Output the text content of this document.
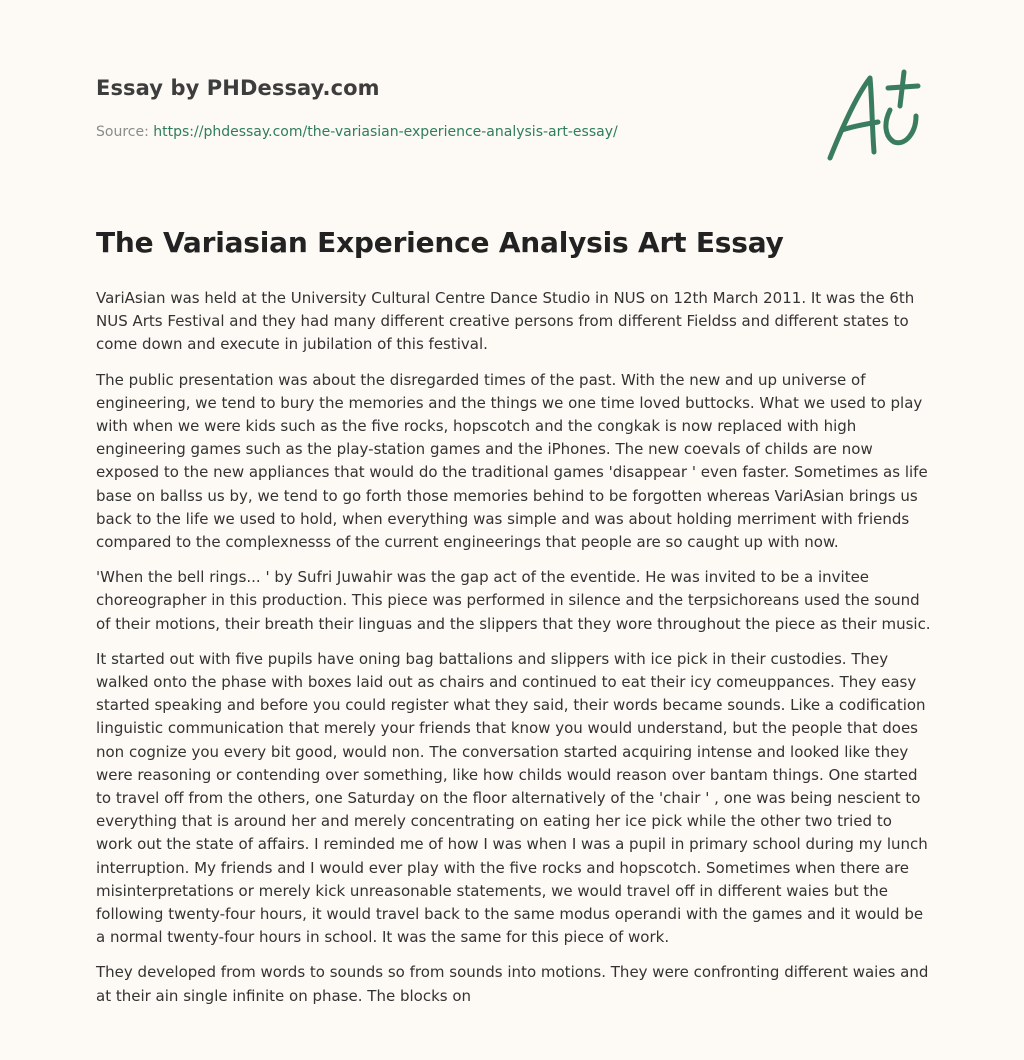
Essay by PHDessay.com
Source: https://phdessay.com/the-variasian-experience-analysis-art-essay/
The Variasian Experience Analysis Art Essay

VariAsian was held at the University Cultural Centre Dance Studio in NUS on 12th March 2011. It was the 6th NUS Arts Festival and they had many different creative persons from different Fieldss and different states to come down and execute in jubilation of this festival.

The public presentation was about the disregarded times of the past. With the new and up universe of engineering, we tend to bury the memories and the things we one time loved buttocks. What we used to play with when we were kids such as the five rocks, hopscotch and the congkak is now replaced with high engineering games such as the play-station games and the iPhones. The new coevals of childs are now exposed to the new appliances that would do the traditional games 'disappear ' even faster. Sometimes as life base on ballss us by, we tend to go forth those memories behind to be forgotten whereas VariAsian brings us back to the life we used to hold, when everything was simple and was about holding merriment with friends compared to the complexnesss of the current engineerings that people are so caught up with now.

'When the bell rings... ' by Sufri Juwahir was the gap act of the eventide. He was invited to be a invitee choreographer in this production. This piece was performed in silence and the terpsichoreans used the sound of their motions, their breath their linguas and the slippers that they wore throughout the piece as their music.

It started out with five pupils have oning bag battalions and slippers with ice pick in their custodies. They walked onto the phase with boxes laid out as chairs and continued to eat their icy comeuppances. They easy started speaking and before you could register what they said, their words became sounds. Like a codification linguistic communication that merely your friends that know you would understand, but the people that does non cognize you every bit good, would non. The conversation started acquiring intense and looked like they were reasoning or contending over something, like how childs would reason over bantam things. One started to travel off from the others, one Saturday on the floor alternatively of the 'chair ' , one was being nescient to everything that is around her and merely concentrating on eating her ice pick while the other two tried to work out the state of affairs. I reminded me of how I was when I was a pupil in primary school during my lunch interruption. My friends and I would ever play with the five rocks and hopscotch. Sometimes when there are misinterpretations or merely kick unreasonable statements, we would travel off in different waies but the following twenty-four hours, it would travel back to the same modus operandi with the games and it would be a normal twenty-four hours in school. It was the same for this piece of work.

They developed from words to sounds so from sounds into motions. They were confronting different waies and at their ain single infinite on phase. The blocks on
